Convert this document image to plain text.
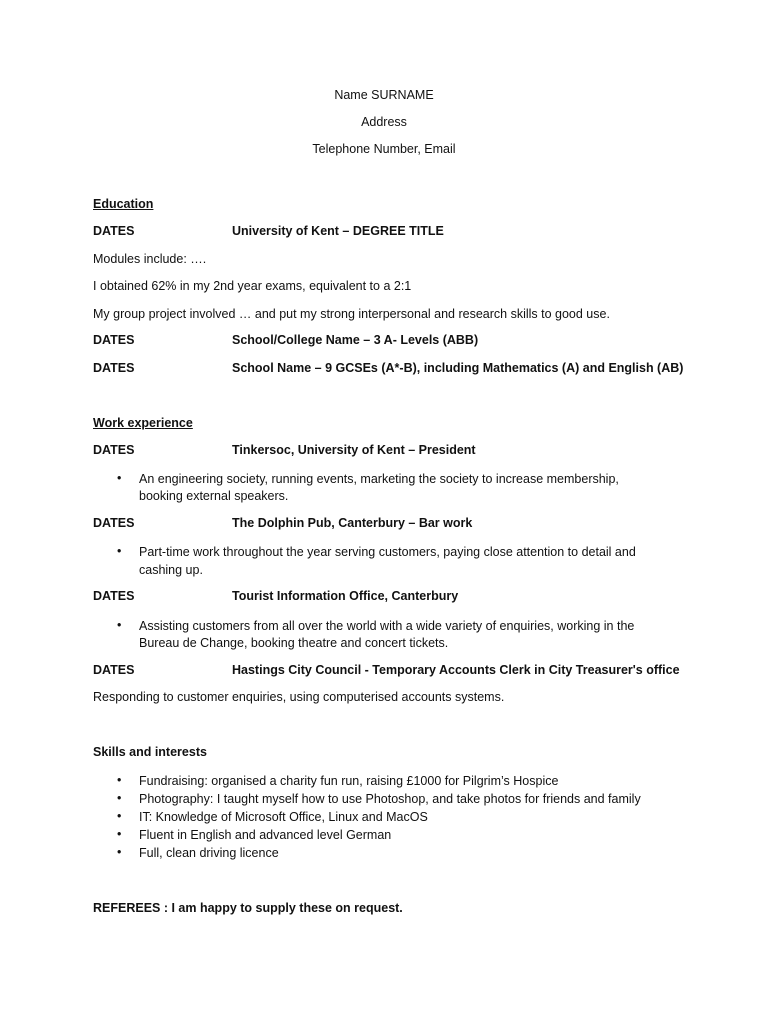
Name SURNAME
Address
Telephone Number, Email
Education
DATES	University of Kent – DEGREE TITLE
Modules include: ….
I obtained 62% in my 2nd year exams, equivalent to a 2:1
My group project involved … and put my strong interpersonal and research skills to good use.
DATES	School/College Name – 3 A- Levels (ABB)
DATES	School Name – 9 GCSEs (A*-B), including Mathematics (A) and English (AB)
Work experience
DATES	Tinkersoc, University of Kent – President
• An engineering society, running events, marketing the society to increase membership,
booking external speakers.
DATES	The Dolphin Pub, Canterbury – Bar work
• Part-time work throughout the year serving customers, paying close attention to detail and
cashing up.
DATES	Tourist Information Office, Canterbury
• Assisting customers from all over the world with a wide variety of enquiries, working in the
Bureau de Change, booking theatre and concert tickets.
DATES	Hastings City Council - Temporary Accounts Clerk in City Treasurer's office
Responding to customer enquiries, using computerised accounts systems.
Skills and interests
• Fundraising: organised a charity fun run, raising £1000 for Pilgrim’s Hospice
• Photography: I taught myself how to use Photoshop, and take photos for friends and family
• IT: Knowledge of Microsoft Office, Linux and MacOS
• Fluent in English and advanced level German
• Full, clean driving licence
REFEREES : I am happy to supply these on request.
